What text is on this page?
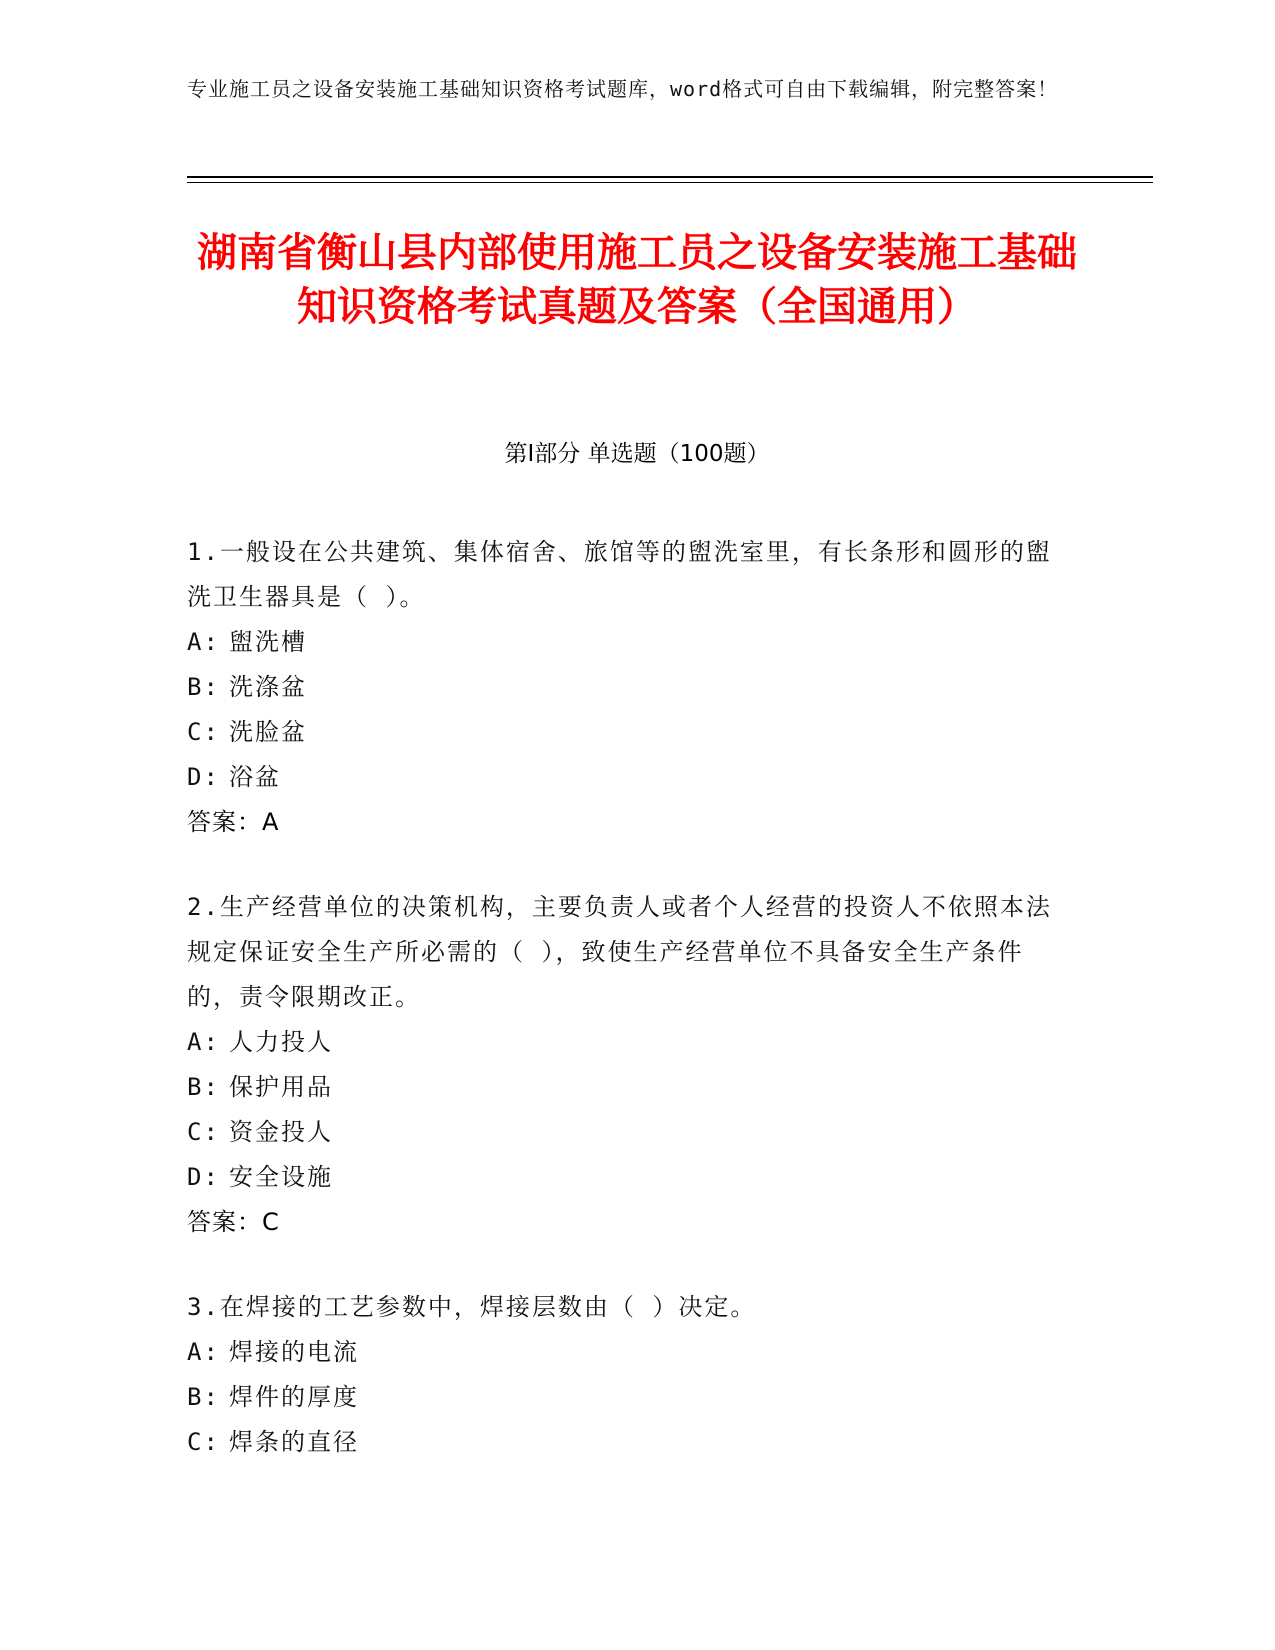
专业施工员之设备安装施工基础知识资格考试题库，word格式可自由下载编辑，附完整答案！
湖南省衡山县内部使用施工员之设备安装施工基础知识资格考试真题及答案（全国通用）
第Ⅰ部分 单选题（100题）
1.一般设在公共建筑、集体宿舍、旅馆等的盥洗室里，有长条形和圆形的盥洗卫生器具是（ ）。
A: 盥洗槽
B: 洗涤盆
C: 洗脸盆
D: 浴盆
答案：A
2.生产经营单位的决策机构，主要负责人或者个人经营的投资人不依照本法规定保证安全生产所必需的（ ），致使生产经营单位不具备安全生产条件的，责令限期改正。
A: 人力投人
B: 保护用品
C: 资金投人
D: 安全设施
答案：C
3.在焊接的工艺参数中，焊接层数由（ ）决定。
A: 焊接的电流
B: 焊件的厚度
C: 焊条的直径
